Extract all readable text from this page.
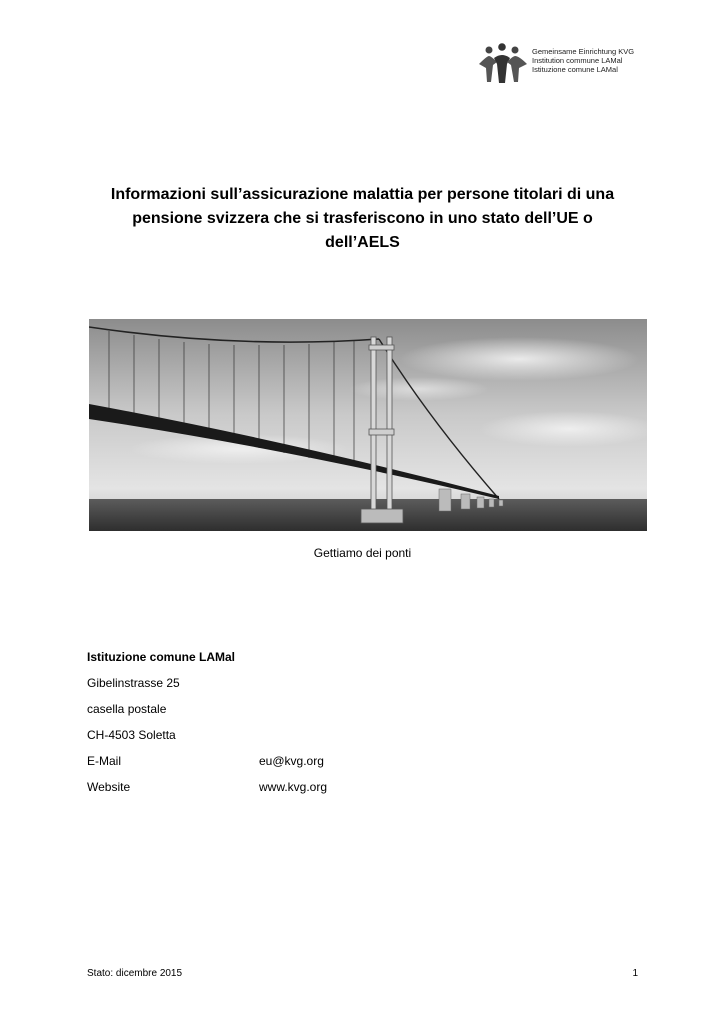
Gemeinsame Einrichtung KVG
Institution commune LAMal
Istituzione comune LAMal
Informazioni sull’assicurazione malattia per persone titolari di una
pensione svizzera che si trasferiscono in uno stato dell’UE o
dell’AELS
Gettiamo dei ponti
Istituzione comune LAMal
Gibelinstrasse 25
casella postale
CH-4503 Soletta
E-Mail	eu@kvg.org
Website	www.kvg.org
Stato: dicembre 2015	1
